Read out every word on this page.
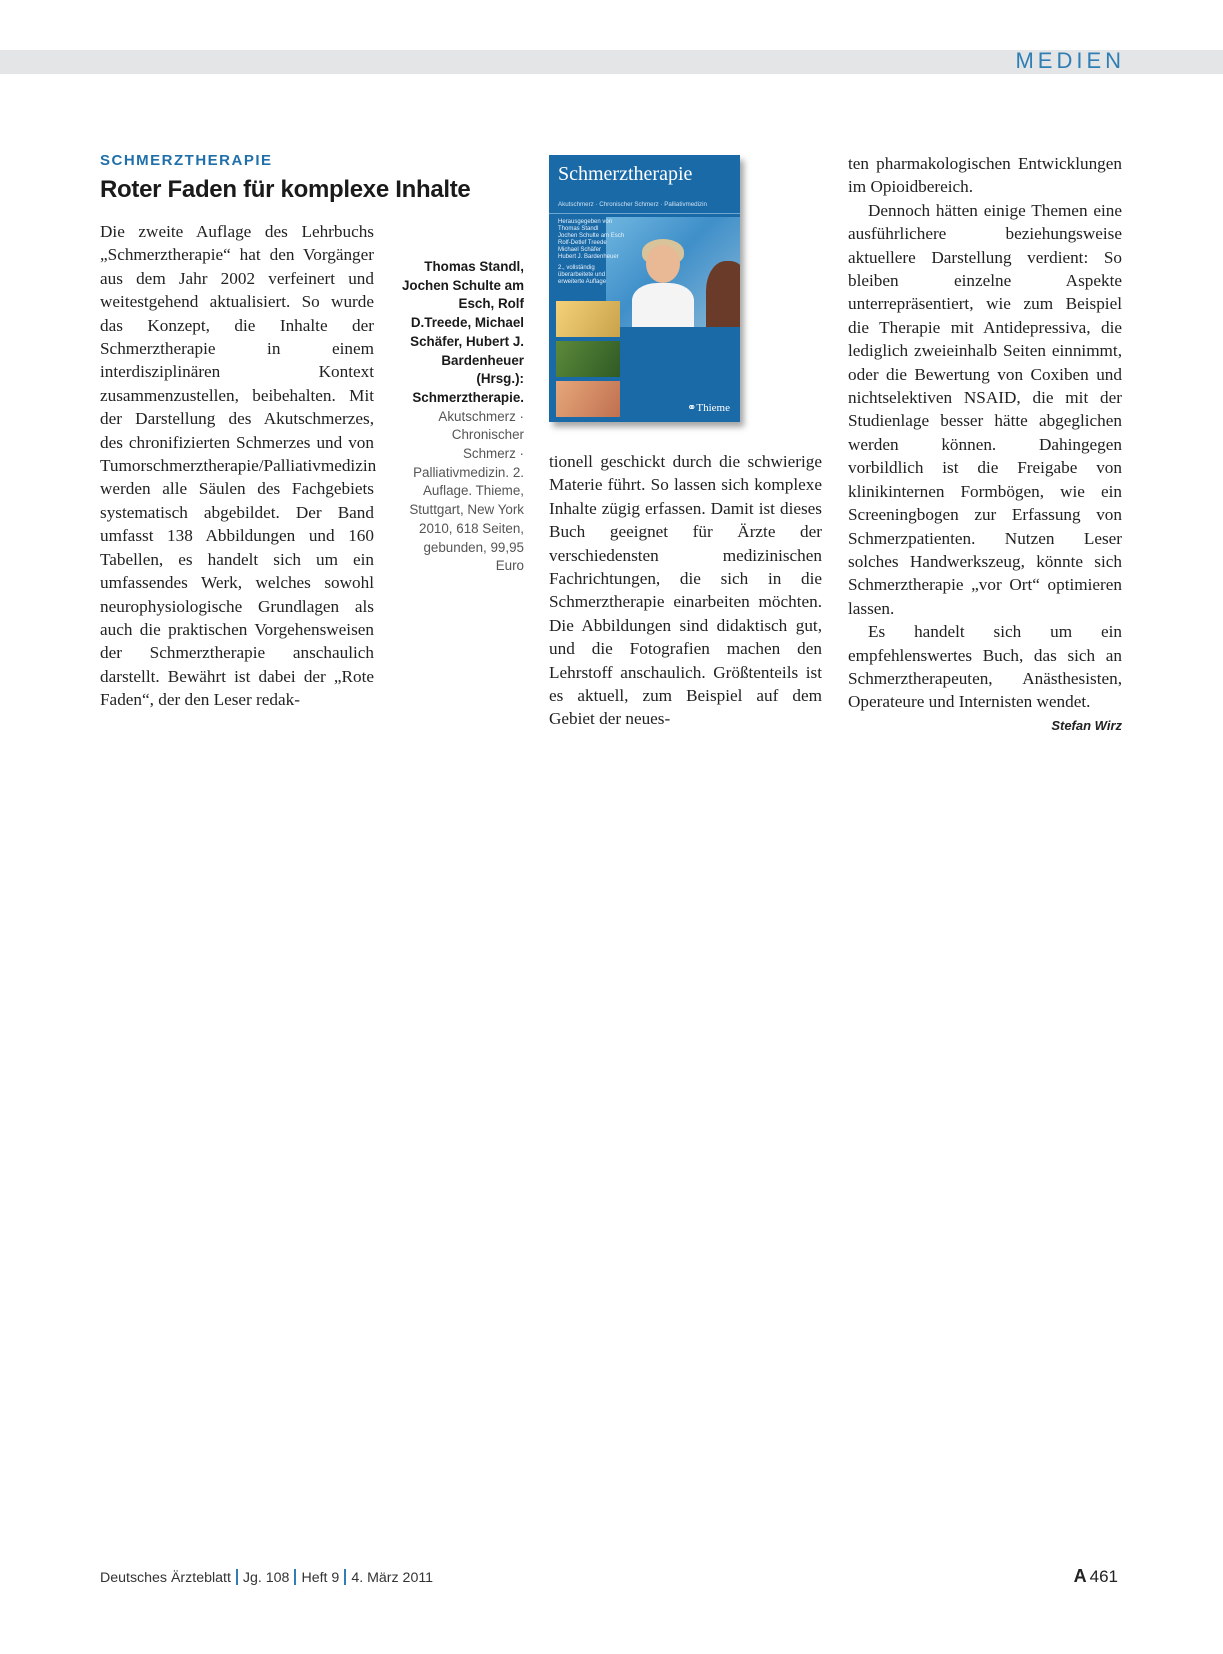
MEDIEN
SCHMERZTHERAPIE
Roter Faden für komplexe Inhalte

Die zweite Auflage des Lehrbuchs „Schmerztherapie“ hat den Vorgänger aus dem Jahr 2002 verfeinert und weitestgehend aktualisiert. So wurde das Konzept, die Inhalte der Schmerztherapie in einem interdisziplinären Kontext zusammenzustellen, beibehalten. Mit der Darstellung des Akutschmerzes, des chronifizierten Schmerzes und von Tumorschmerztherapie/Palliativmedizin werden alle Säulen des Fachgebiets systematisch abgebildet. Der Band umfasst 138 Abbildungen und 160 Tabellen, es handelt sich um ein umfassendes Werk, welches sowohl neurophysiologische Grundlagen als auch die praktischen Vorgehensweisen der Schmerztherapie anschaulich darstellt. Bewährt ist dabei der „Rote Faden“, der den Leser redak-

Thomas Standl, Jochen Schulte am Esch, Rolf D.Treede, Michael Schäfer, Hubert J. Bardenheuer (Hrsg.): Schmerztherapie. Akutschmerz · Chronischer Schmerz · Palliativmedizin. 2. Auflage. Thieme, Stuttgart, New York 2010, 618 Seiten, gebunden, 99,95 Euro
Schmerztherapie
Akutschmerz · Chronischer Schmerz · Palliativmedizin
Herausgegeben von
Thomas Standl
Jochen Schulte am Esch
Rolf-Detlef Treede
Michael Schäfer
Hubert J. Bardenheuer
2., vollständig überarbeitete und erweiterte Auflage
⚭Thieme

tionell geschickt durch die schwierige Materie führt. So lassen sich komplexe Inhalte zügig erfassen. Damit ist dieses Buch geeignet für Ärzte der verschiedensten medizinischen Fachrichtungen, die sich in die Schmerztherapie einarbeiten möchten. Die Abbildungen sind didaktisch gut, und die Fotografien machen den Lehrstoff anschaulich. Größtenteils ist es aktuell, zum Beispiel auf dem Gebiet der neues-

ten pharmakologischen Entwicklungen im Opioidbereich.

Dennoch hätten einige Themen eine ausführlichere beziehungsweise aktuellere Darstellung verdient: So bleiben einzelne Aspekte unterrepräsentiert, wie zum Beispiel die Therapie mit Antidepressiva, die lediglich zweieinhalb Seiten einnimmt, oder die Bewertung von Coxiben und nichtselektiven NSAID, die mit der Studienlage besser hätte abgeglichen werden können. Dahingegen vorbildlich ist die Freigabe von klinikinternen Formbögen, wie ein Screeningbogen zur Erfassung von Schmerzpatienten. Nutzen Leser solches Handwerkszeug, könnte sich Schmerztherapie „vor Ort“ optimieren lassen.

Es handelt sich um ein empfehlenswertes Buch, das sich an Schmerztherapeuten, Anästhesisten, Operateure und Internisten wendet.
Stefan Wirz

Deutsches Ärzteblatt Jg. 108 Heft 9 4. März 2011	A 461
